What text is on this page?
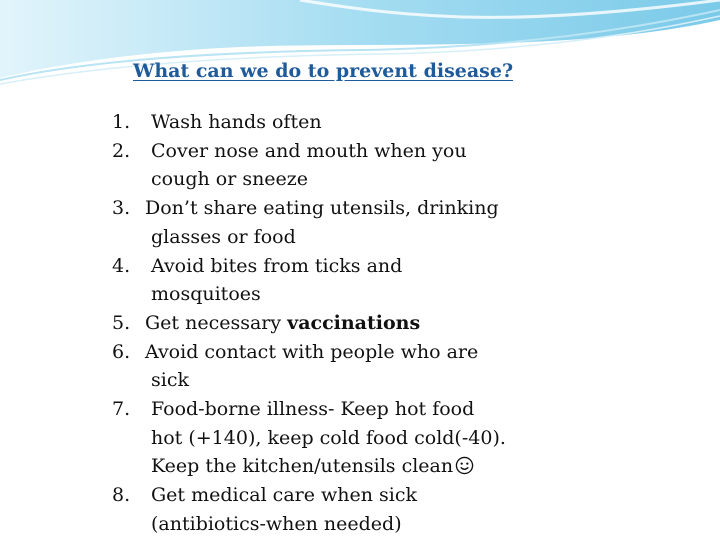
What can we do to prevent disease?
1.	Wash hands often
2.	Cover nose and mouth when you
cough or sneeze
3. Don’t share eating utensils, drinking
glasses or food
4.	Avoid bites from ticks and
mosquitoes
5. Get necessary vaccinations
6. Avoid contact with people who are
sick
7.	Food-borne illness- Keep hot food
hot (+140), keep cold food cold(-40).
Keep the kitchen/utensils clean
8.	Get medical care when sick
(antibiotics-when needed)
